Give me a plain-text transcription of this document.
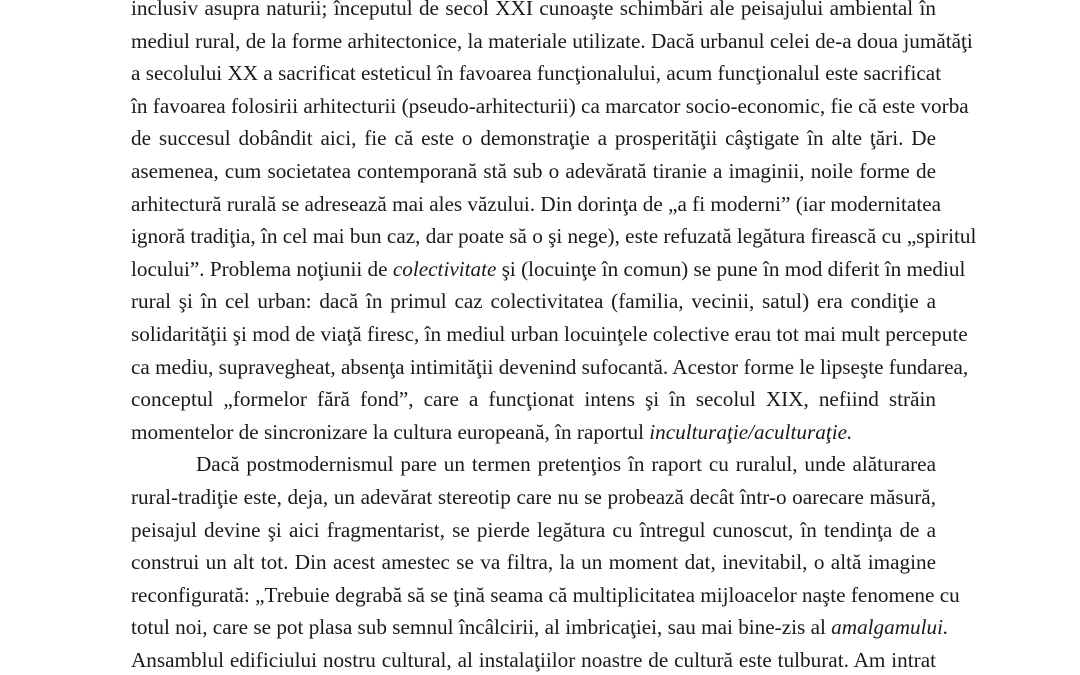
inclusiv asupra naturii; începutul de secol XXI cunoaşte schimbări ale peisajului ambiental în
mediul rural, de la forme arhitectonice, la materiale utilizate. Dacă urbanul celei de-a doua jumătăţi
a secolului XX a sacrificat esteticul în favoarea funcţionalului, acum funcţionalul este sacrificat
în favoarea folosirii arhitecturii (pseudo-arhitecturii) ca marcator socio-economic, fie că este vorba
de succesul dobândit aici, fie că este o demonstraţie a prosperităţii câştigate în alte ţări. De
asemenea, cum societatea contemporană stă sub o adevărată tiranie a imaginii, noile forme de
arhitectură rurală se adresează mai ales văzului. Din dorinţa de „a fi moderni” (iar modernitatea
ignoră tradiţia, în cel mai bun caz, dar poate să o şi nege), este refuzată legătura firească cu „spiritul
locului”. Problema noţiunii de colectivitate şi (locuinţe în comun) se pune în mod diferit în mediul
rural şi în cel urban: dacă în primul caz colectivitatea (familia, vecinii, satul) era condiţie a
solidarităţii şi mod de viaţă firesc, în mediul urban locuinţele colective erau tot mai mult percepute
ca mediu, supravegheat, absenţa intimităţii devenind sufocantă. Acestor forme le lipseşte fundarea,
conceptul „formelor fără fond”, care a funcţionat intens şi în secolul XIX, nefiind străin
momentelor de sincronizare la cultura europeană, în raportul inculturaţie/aculturaţie.
Dacă postmodernismul pare un termen pretenţios în raport cu ruralul, unde alăturarea
rural-tradiţie este, deja, un adevărat stereotip care nu se probează decât într-o oarecare măsură,
peisajul devine şi aici fragmentarist, se pierde legătura cu întregul cunoscut, în tendinţa de a
construi un alt tot. Din acest amestec se va filtra, la un moment dat, inevitabil, o altă imagine
reconfigurată: „Trebuie degrabă să se ţină seama că multiplicitatea mijloacelor naşte fenomene cu
totul noi, care se pot plasa sub semnul încâlcirii, al imbricaţiei, sau mai bine-zis al amalgamului.
Ansamblul edificiului nostru cultural, al instalaţiilor noastre de cultură este tulburat. Am intrat
